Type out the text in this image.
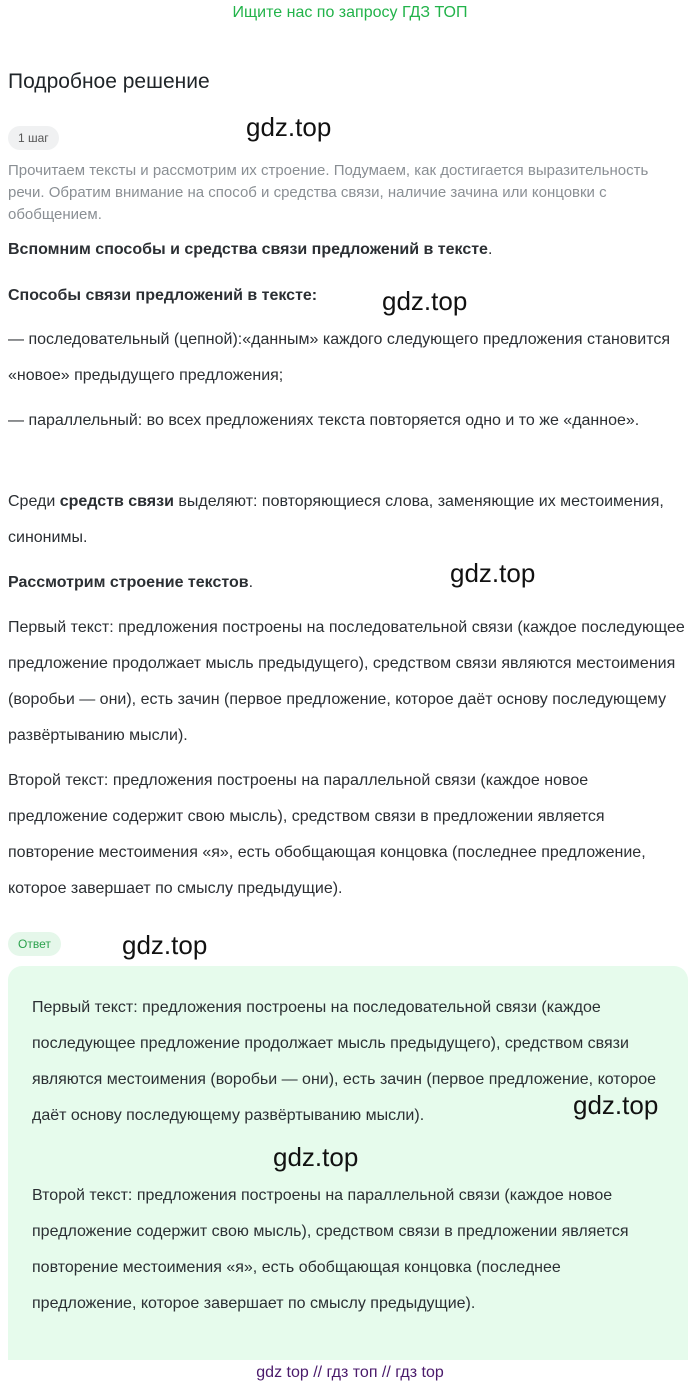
Ищите нас по запросу ГДЗ ТОП
Подробное решение
1 шаг	gdz.top

Прочитаем тексты и рассмотрим их строение. Подумаем, как достигается выразительность речи. Обратим внимание на способ и средства связи, наличие зачина или концовки с обобщением.

Вспомним способы и средства связи предложений в тексте.

Способы связи предложений в тексте:	gdz.top

— последовательный (цепной):«данным» каждого следующего предложения становится «новое» предыдущего предложения;

— параллельный: во всех предложениях текста повторяется одно и то же «данное».

Среди средств связи выделяют: повторяющиеся слова, заменяющие их местоимения, синонимы.

Рассмотрим строение текстов.	gdz.top

Первый текст: предложения построены на последовательной связи (каждое последующее предложение продолжает мысль предыдущего), средством связи являются местоимения (воробьи — они), есть зачин (первое предложение, которое даёт основу последующему развёртыванию мысли).

Второй текст: предложения построены на параллельной связи (каждое новое предложение содержит свою мысль), средством связи в предложении является повторение местоимения «я», есть обобщающая концовка (последнее предложение, которое завершает по смыслу предыдущие).

Ответ	gdz.top

Первый текст: предложения построены на последовательной связи (каждое последующее предложение продолжает мысль предыдущего), средством связи являются местоимения (воробьи — они), есть зачин (первое предложение, которое даёт основу последующему развёртыванию мысли).

Второй текст: предложения построены на параллельной связи (каждое новое предложение содержит свою мысль), средством связи в предложении является повторение местоимения «я», есть обобщающая концовка (последнее предложение, которое завершает по смыслу предыдущие).

gdz.top
gdz.top
gdz top // гдз топ // гдз top
